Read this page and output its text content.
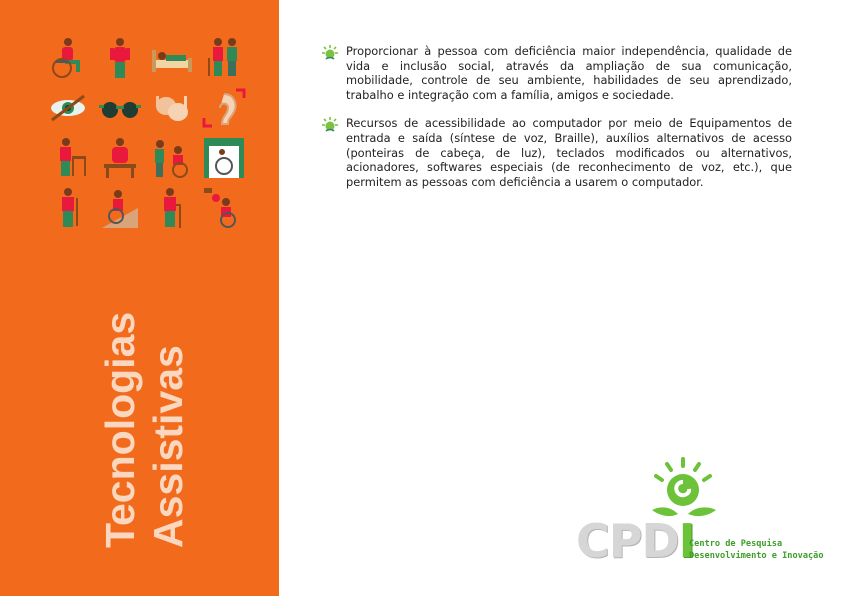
Tecnologias Assistivas

Proporcionar à pessoa com deficiência maior independência, qualidade de vida e inclusão social, através da ampliação de sua comunicação, mobilidade, controle de seu ambiente, habilidades de seu aprendizado, trabalho e integração com a família, amigos e sociedade.

Recursos de acessibilidade ao computador por meio de Equipamentos de entrada e saída (síntese de voz, Braille), auxílios alternativos de acesso (ponteiras de cabeça, de luz), teclados modificados ou alternativos, acionadores, softwares especiais (de reconhecimento de voz, etc.), que permitem as pessoas com deficiência a usarem o computador.

CPDI
Centro de Pesquisa
Desenvolvimento e Inovação
